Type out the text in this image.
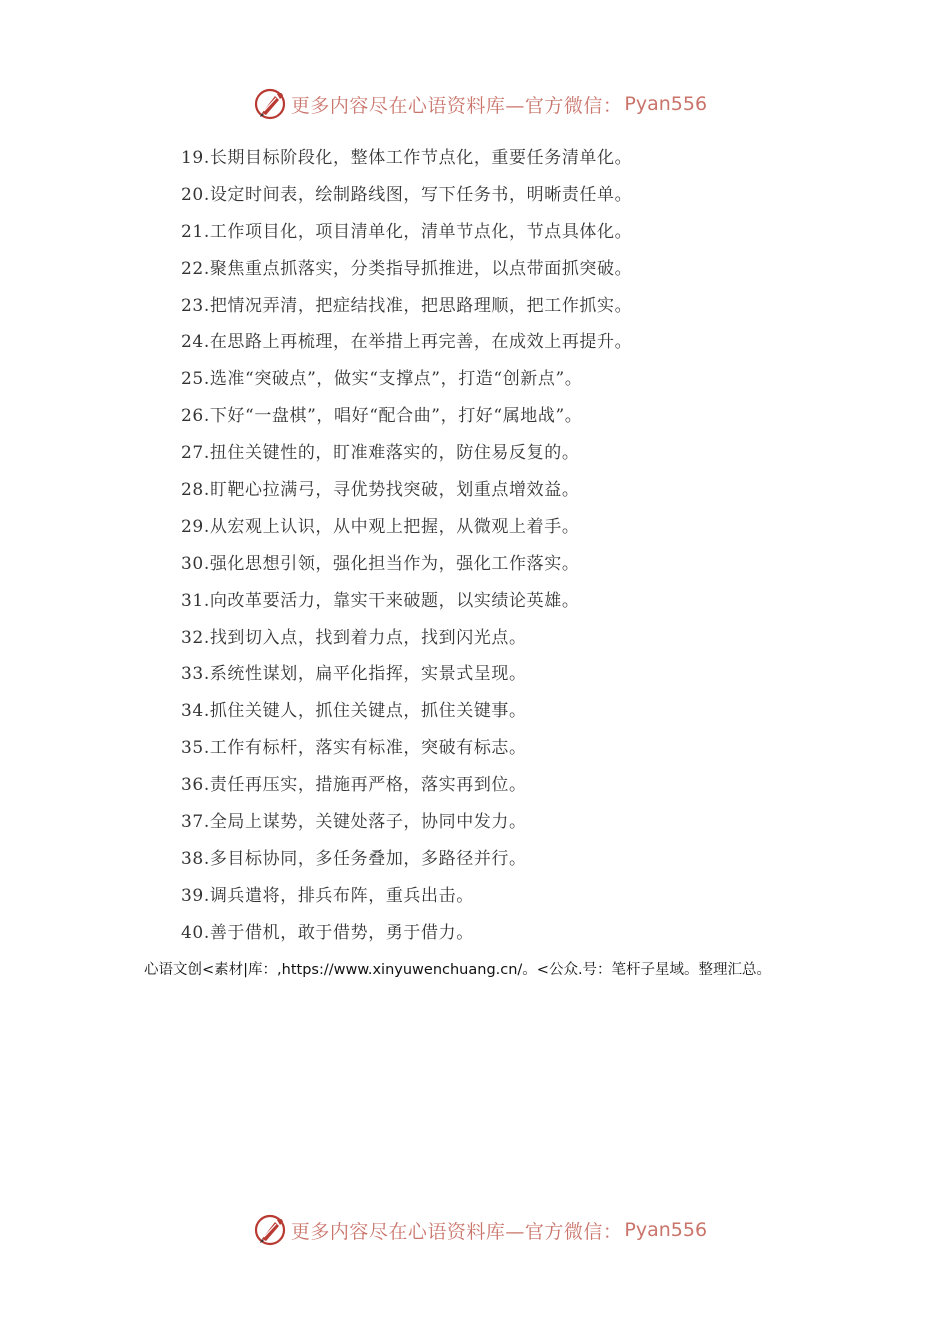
更多内容尽在心语资料库—官方微信： Pyan556
19.长期目标阶段化，整体工作节点化，重要任务清单化。
20.设定时间表，绘制路线图，写下任务书，明晰责任单。
21.工作项目化，项目清单化，清单节点化，节点具体化。
22.聚焦重点抓落实，分类指导抓推进，以点带面抓突破。
23.把情况弄清，把症结找准，把思路理顺，把工作抓实。
24.在思路上再梳理，在举措上再完善，在成效上再提升。
25.选准“突破点”，做实“支撑点”，打造“创新点”。
26.下好“一盘棋”，唱好“配合曲”，打好“属地战”。
27.扭住关键性的，盯准难落实的，防住易反复的。
28.盯靶心拉满弓，寻优势找突破，划重点增效益。
29.从宏观上认识，从中观上把握，从微观上着手。
30.强化思想引领，强化担当作为，强化工作落实。
31.向改革要活力，靠实干来破题，以实绩论英雄。
32.找到切入点，找到着力点，找到闪光点。
33.系统性谋划，扁平化指挥，实景式呈现。
34.抓住关键人，抓住关键点，抓住关键事。
35.工作有标杆，落实有标准，突破有标志。
36.责任再压实，措施再严格，落实再到位。
37.全局上谋势，关键处落子，协同中发力。
38.多目标协同，多任务叠加，多路径并行。
39.调兵遣将，排兵布阵，重兵出击。
40.善于借机，敢于借势，勇于借力。
心语文创<素材|库：,https://www.xinyuwenchuang.cn/。<公众.号：笔杆子星域。整理汇总。
更多内容尽在心语资料库—官方微信： Pyan556
